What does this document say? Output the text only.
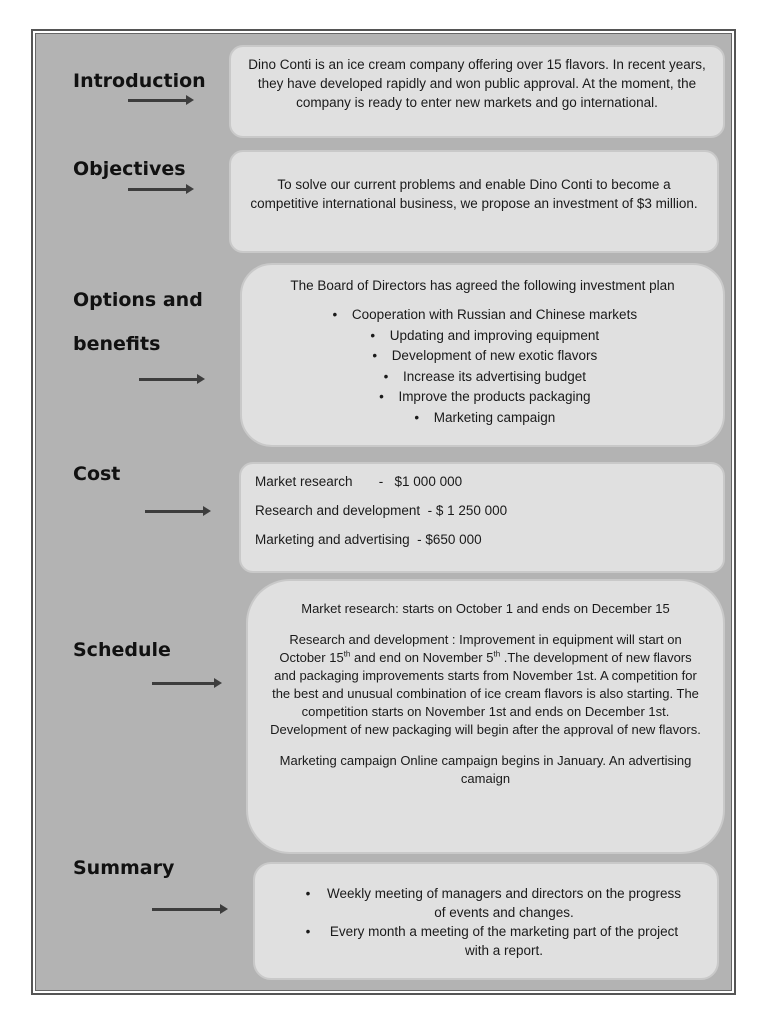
Introduction

Dino Conti is an ice cream company offering over 15 flavors. In recent years, they have developed rapidly and won public approval. At the moment, the company is ready to enter new markets and go international.

Objectives

To solve our current problems and enable Dino Conti to become a competitive international business, we propose an investment of $3 million.

Options and
benefits

The Board of Directors has agreed the following investment plan

• Cooperation with Russian and Chinese markets
• Updating and improving equipment
• Development of new exotic flavors
• Increase its advertising budget
• Improve the products packaging
• Marketing campaign
Cost	Market research       -   $1 000 000
Research and development  - $ 1 250 000
Marketing and advertising  - $650 000
Schedule

Market research: starts on October 1 and ends on December 15

Research and development : Improvement in equipment will start on October 15th and end on November 5th .The development of new flavors and packaging improvements starts from November 1st. A competition for the best and unusual combination of ice cream flavors is also starting. The competition starts on November 1st and ends on December 1st. Development of new packaging will begin after the approval of new flavors.

Marketing campaign Online campaign begins in January. An advertising camaign

Summary
• Weekly meeting of managers and directors on the progress of events and changes.
• Every month a meeting of the marketing part of the project with a report.
